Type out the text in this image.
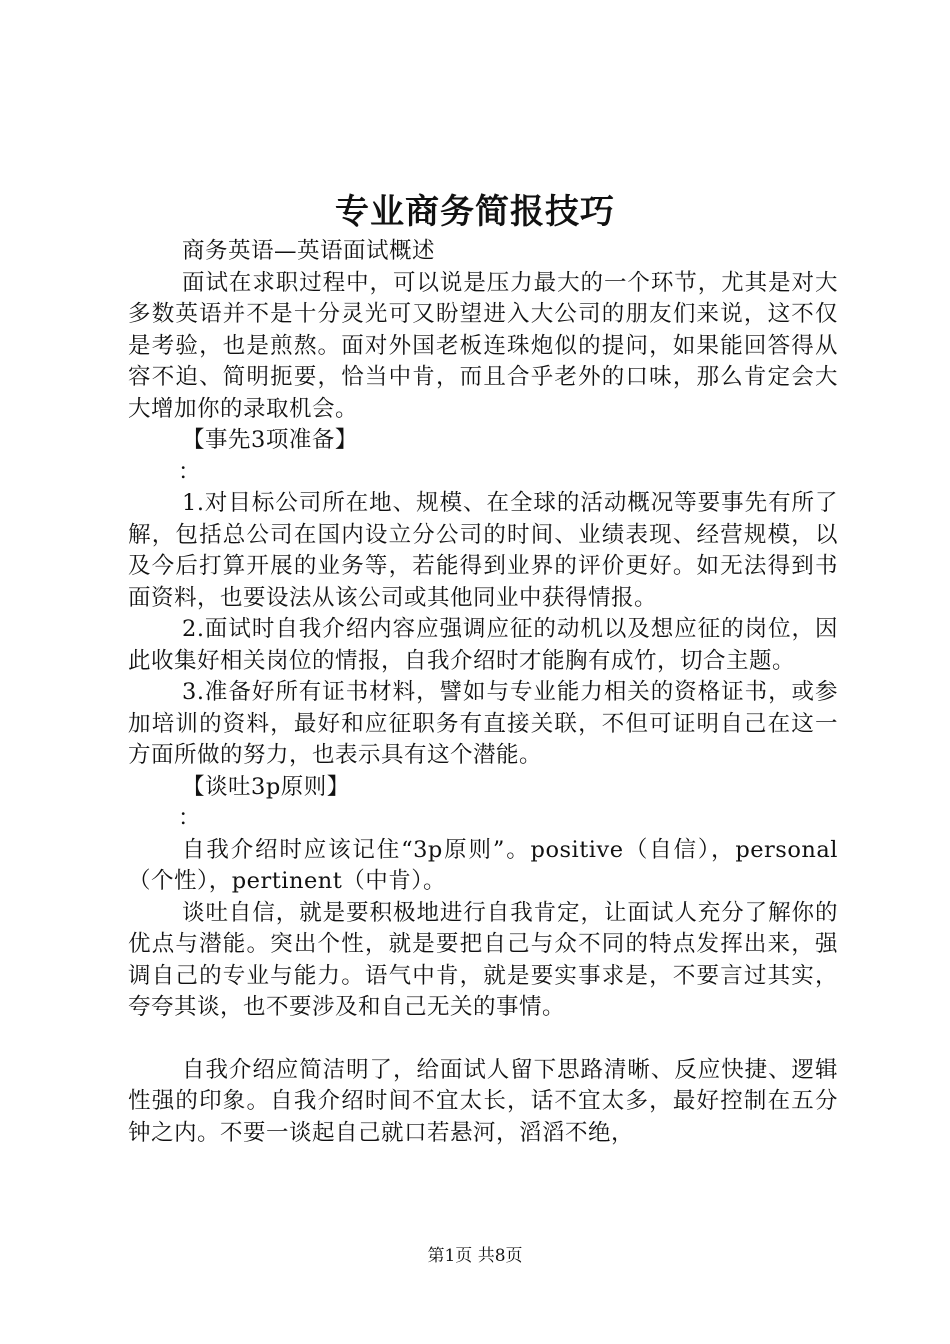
专业商务简报技巧

商务英语—英语面试概述

面试在求职过程中，可以说是压力最大的一个环节，尤其是对大多数英语并不是十分灵光可又盼望进入大公司的朋友们来说，这不仅是考验，也是煎熬。面对外国老板连珠炮似的提问，如果能回答得从容不迫、简明扼要，恰当中肯，而且合乎老外的口味，那么肯定会大大增加你的录取机会。

【事先3项准备】

：

1.对目标公司所在地、规模、在全球的活动概况等要事先有所了解，包括总公司在国内设立分公司的时间、业绩表现、经营规模，以及今后打算开展的业务等，若能得到业界的评价更好。如无法得到书面资料，也要设法从该公司或其他同业中获得情报。

2.面试时自我介绍内容应强调应征的动机以及想应征的岗位，因此收集好相关岗位的情报，自我介绍时才能胸有成竹，切合主题。

3.准备好所有证书材料，譬如与专业能力相关的资格证书，或参加培训的资料，最好和应征职务有直接关联，不但可证明自己在这一方面所做的努力，也表示具有这个潜能。

【谈吐3p原则】

：

自我介绍时应该记住“3p原则”。positive（自信），personal（个性），pertinent（中肯）。

谈吐自信，就是要积极地进行自我肯定，让面试人充分了解你的优点与潜能。突出个性，就是要把自己与众不同的特点发挥出来，强调自己的专业与能力。语气中肯，就是要实事求是，不要言过其实，夸夸其谈，也不要涉及和自己无关的事情。

自我介绍应简洁明了，给面试人留下思路清晰、反应快捷、逻辑性强的印象。自我介绍时间不宜太长，话不宜太多，最好控制在五分钟之内。不要一谈起自己就口若悬河，滔滔不绝，

第1页 共8页
